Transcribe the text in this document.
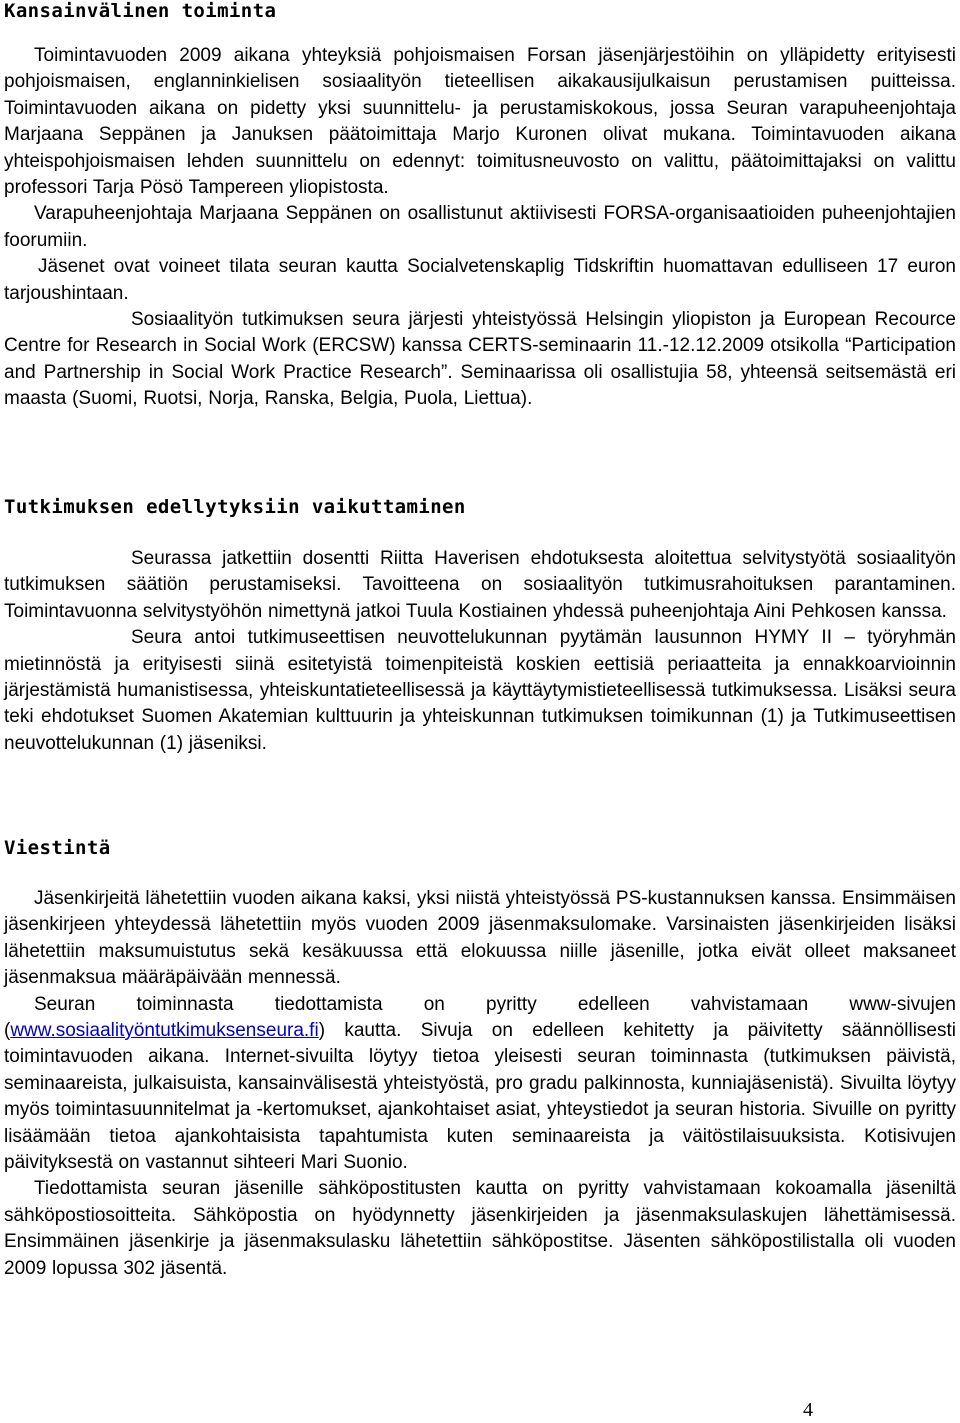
Kansainvälinen toiminta

Toimintavuoden 2009 aikana yhteyksiä pohjoismaisen Forsan jäsenjärjestöihin on ylläpidetty erityisesti pohjoismaisen, englanninkielisen sosiaalityön tieteellisen aikakausijulkaisun perustamisen puitteissa. Toimintavuoden aikana on pidetty yksi suunnittelu- ja perustamiskokous, jossa Seuran varapuheenjohtaja Marjaana Seppänen ja Januksen päätoimittaja Marjo Kuronen olivat mukana. Toimintavuoden aikana yhteispohjoismaisen lehden suunnittelu on edennyt: toimitusneuvosto on valittu, päätoimittajaksi on valittu professori Tarja Pösö Tampereen yliopistosta.

Varapuheenjohtaja Marjaana Seppänen on osallistunut aktiivisesti FORSA-organisaatioiden puheenjohtajien foorumiin.

Jäsenet ovat voineet tilata seuran kautta Socialvetenskaplig Tidskriftin huomattavan edulliseen 17 euron tarjoushintaan.

Sosiaalityön tutkimuksen seura järjesti yhteistyössä Helsingin yliopiston ja European Recource Centre for Research in Social Work (ERCSW) kanssa CERTS-seminaarin 11.-12.12.2009 otsikolla “Participation and Partnership in Social Work Practice Research”. Seminaarissa oli osallistujia 58, yhteensä seitsemästä eri maasta (Suomi, Ruotsi, Norja, Ranska, Belgia, Puola, Liettua).

Tutkimuksen edellytyksiin vaikuttaminen

Seurassa jatkettiin dosentti Riitta Haverisen ehdotuksesta aloitettua selvitystyötä sosiaalityön tutkimuksen säätiön perustamiseksi. Tavoitteena on sosiaalityön tutkimusrahoituksen parantaminen. Toimintavuonna selvitystyöhön nimettynä jatkoi Tuula Kostiainen yhdessä puheenjohtaja Aini Pehkosen kanssa.

Seura antoi tutkimuseettisen neuvottelukunnan pyytämän lausunnon HYMY II – työryhmän mietinnöstä ja erityisesti siinä esitetyistä toimenpiteistä koskien eettisiä periaatteita ja ennakkoarvioinnin järjestämistä humanistisessa, yhteiskuntatieteellisessä ja käyttäytymistieteellisessä tutkimuksessa. Lisäksi seura teki ehdotukset Suomen Akatemian kulttuurin ja yhteiskunnan tutkimuksen toimikunnan (1) ja Tutkimuseettisen neuvottelukunnan (1) jäseniksi.

Viestintä

Jäsenkirjeitä lähetettiin vuoden aikana kaksi, yksi niistä yhteistyössä PS-kustannuksen kanssa. Ensimmäisen jäsenkirjeen yhteydessä lähetettiin myös vuoden 2009 jäsenmaksulomake. Varsinaisten jäsenkirjeiden lisäksi lähetettiin maksumuistutus sekä kesäkuussa että elokuussa niille jäsenille, jotka eivät olleet maksaneet jäsenmaksua määräpäivään mennessä.

Seuran toiminnasta tiedottamista on pyritty edelleen vahvistamaan www-sivujen (www.sosiaalityöntutkimuksenseura.fi) kautta. Sivuja on edelleen kehitetty ja päivitetty säännöllisesti toimintavuoden aikana. Internet-sivuilta löytyy tietoa yleisesti seuran toiminnasta (tutkimuksen päivistä, seminaareista, julkaisuista, kansainvälisestä yhteistyöstä, pro gradu palkinnosta, kunniajäsenistä). Sivuilta löytyy myös toimintasuunnitelmat ja -kertomukset, ajankohtaiset asiat, yhteystiedot ja seuran historia. Sivuille on pyritty lisäämään tietoa ajankohtaisista tapahtumista kuten seminaareista ja väitöstilaisuuksista. Kotisivujen päivityksestä on vastannut sihteeri Mari Suonio.

Tiedottamista seuran jäsenille sähköpostitusten kautta on pyritty vahvistamaan kokoamalla jäseniltä sähköpostiosoitteita. Sähköpostia on hyödynnetty jäsenkirjeiden ja jäsenmaksulaskujen lähettämisessä. Ensimmäinen jäsenkirje ja jäsenmaksulasku lähetettiin sähköpostitse. Jäsenten sähköpostilistalla oli vuoden 2009 lopussa 302 jäsentä.

4
